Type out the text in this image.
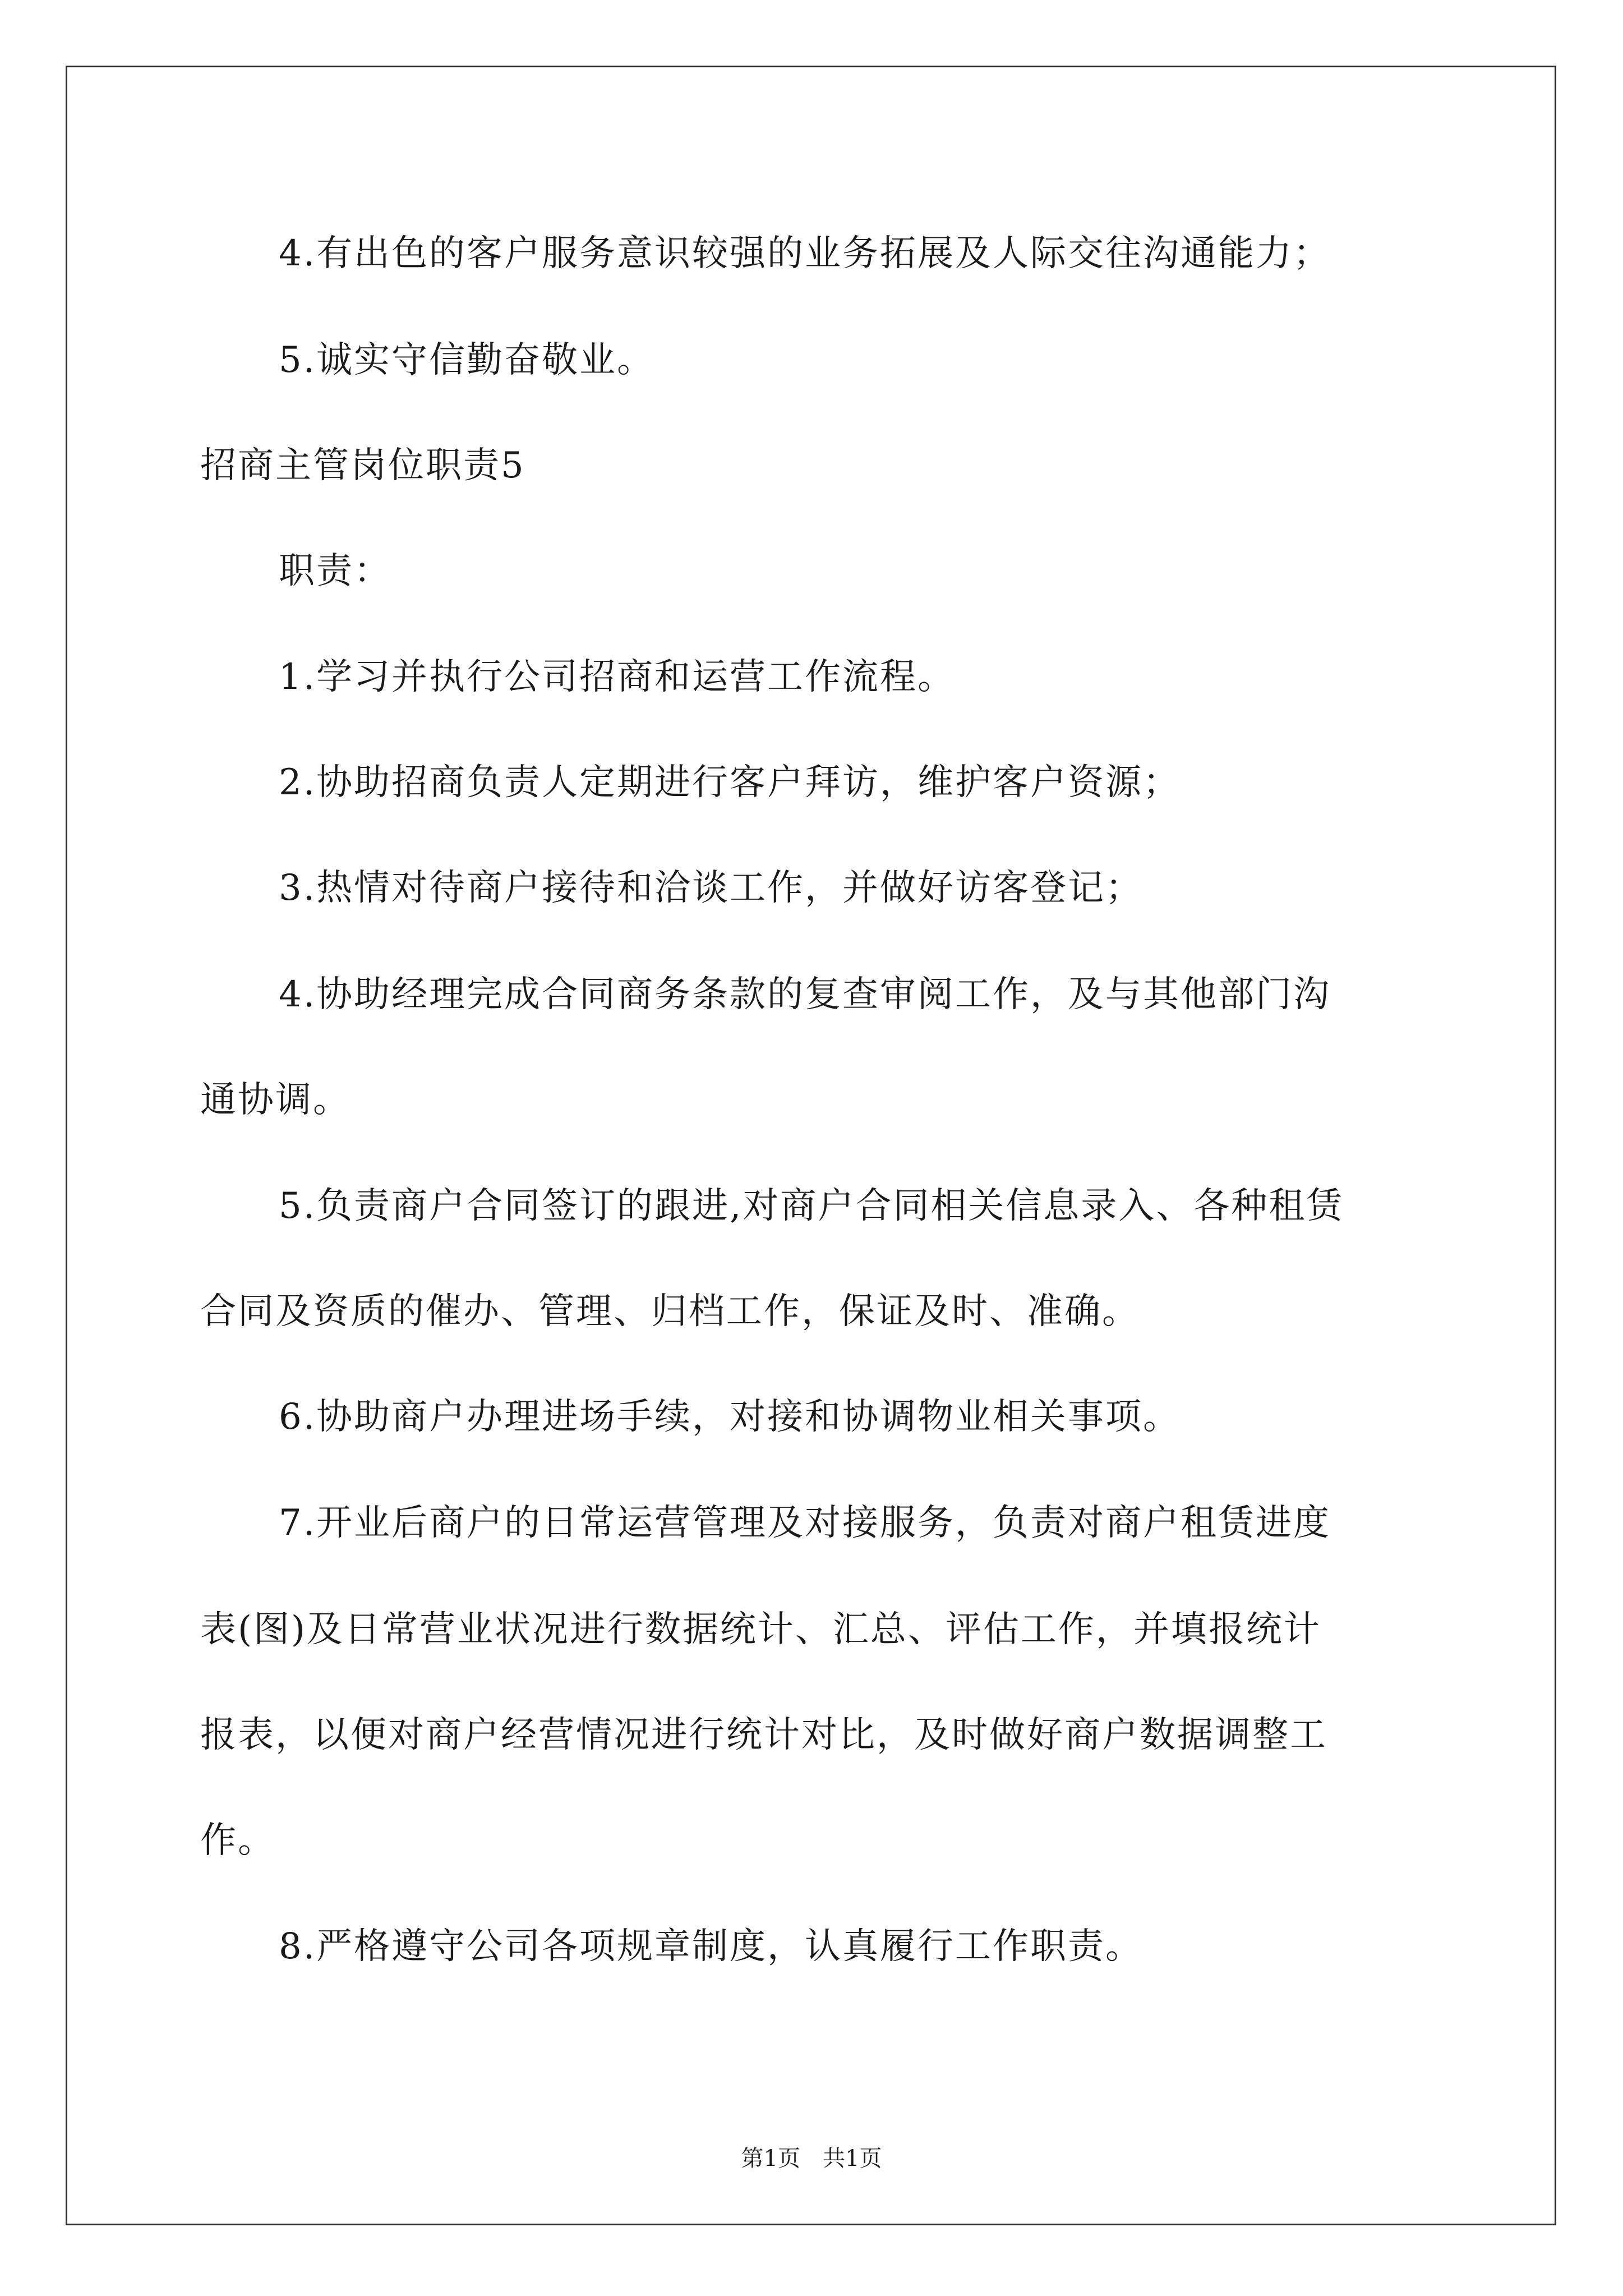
4.有出色的客户服务意识较强的业务拓展及人际交往沟通能力；
5.诚实守信勤奋敬业。
招商主管岗位职责5
职责：
1.学习并执行公司招商和运营工作流程。
2.协助招商负责人定期进行客户拜访，维护客户资源；
3.热情对待商户接待和洽谈工作，并做好访客登记；
4.协助经理完成合同商务条款的复查审阅工作，及与其他部门沟
通协调。
5.负责商户合同签订的跟进,对商户合同相关信息录入、各种租赁
合同及资质的催办、管理、归档工作，保证及时、准确。
6.协助商户办理进场手续，对接和协调物业相关事项。
7.开业后商户的日常运营管理及对接服务，负责对商户租赁进度
表(图)及日常营业状况进行数据统计、汇总、评估工作，并填报统计
报表，以便对商户经营情况进行统计对比，及时做好商户数据调整工
作。
8.严格遵守公司各项规章制度，认真履行工作职责。
第1页　共1页
